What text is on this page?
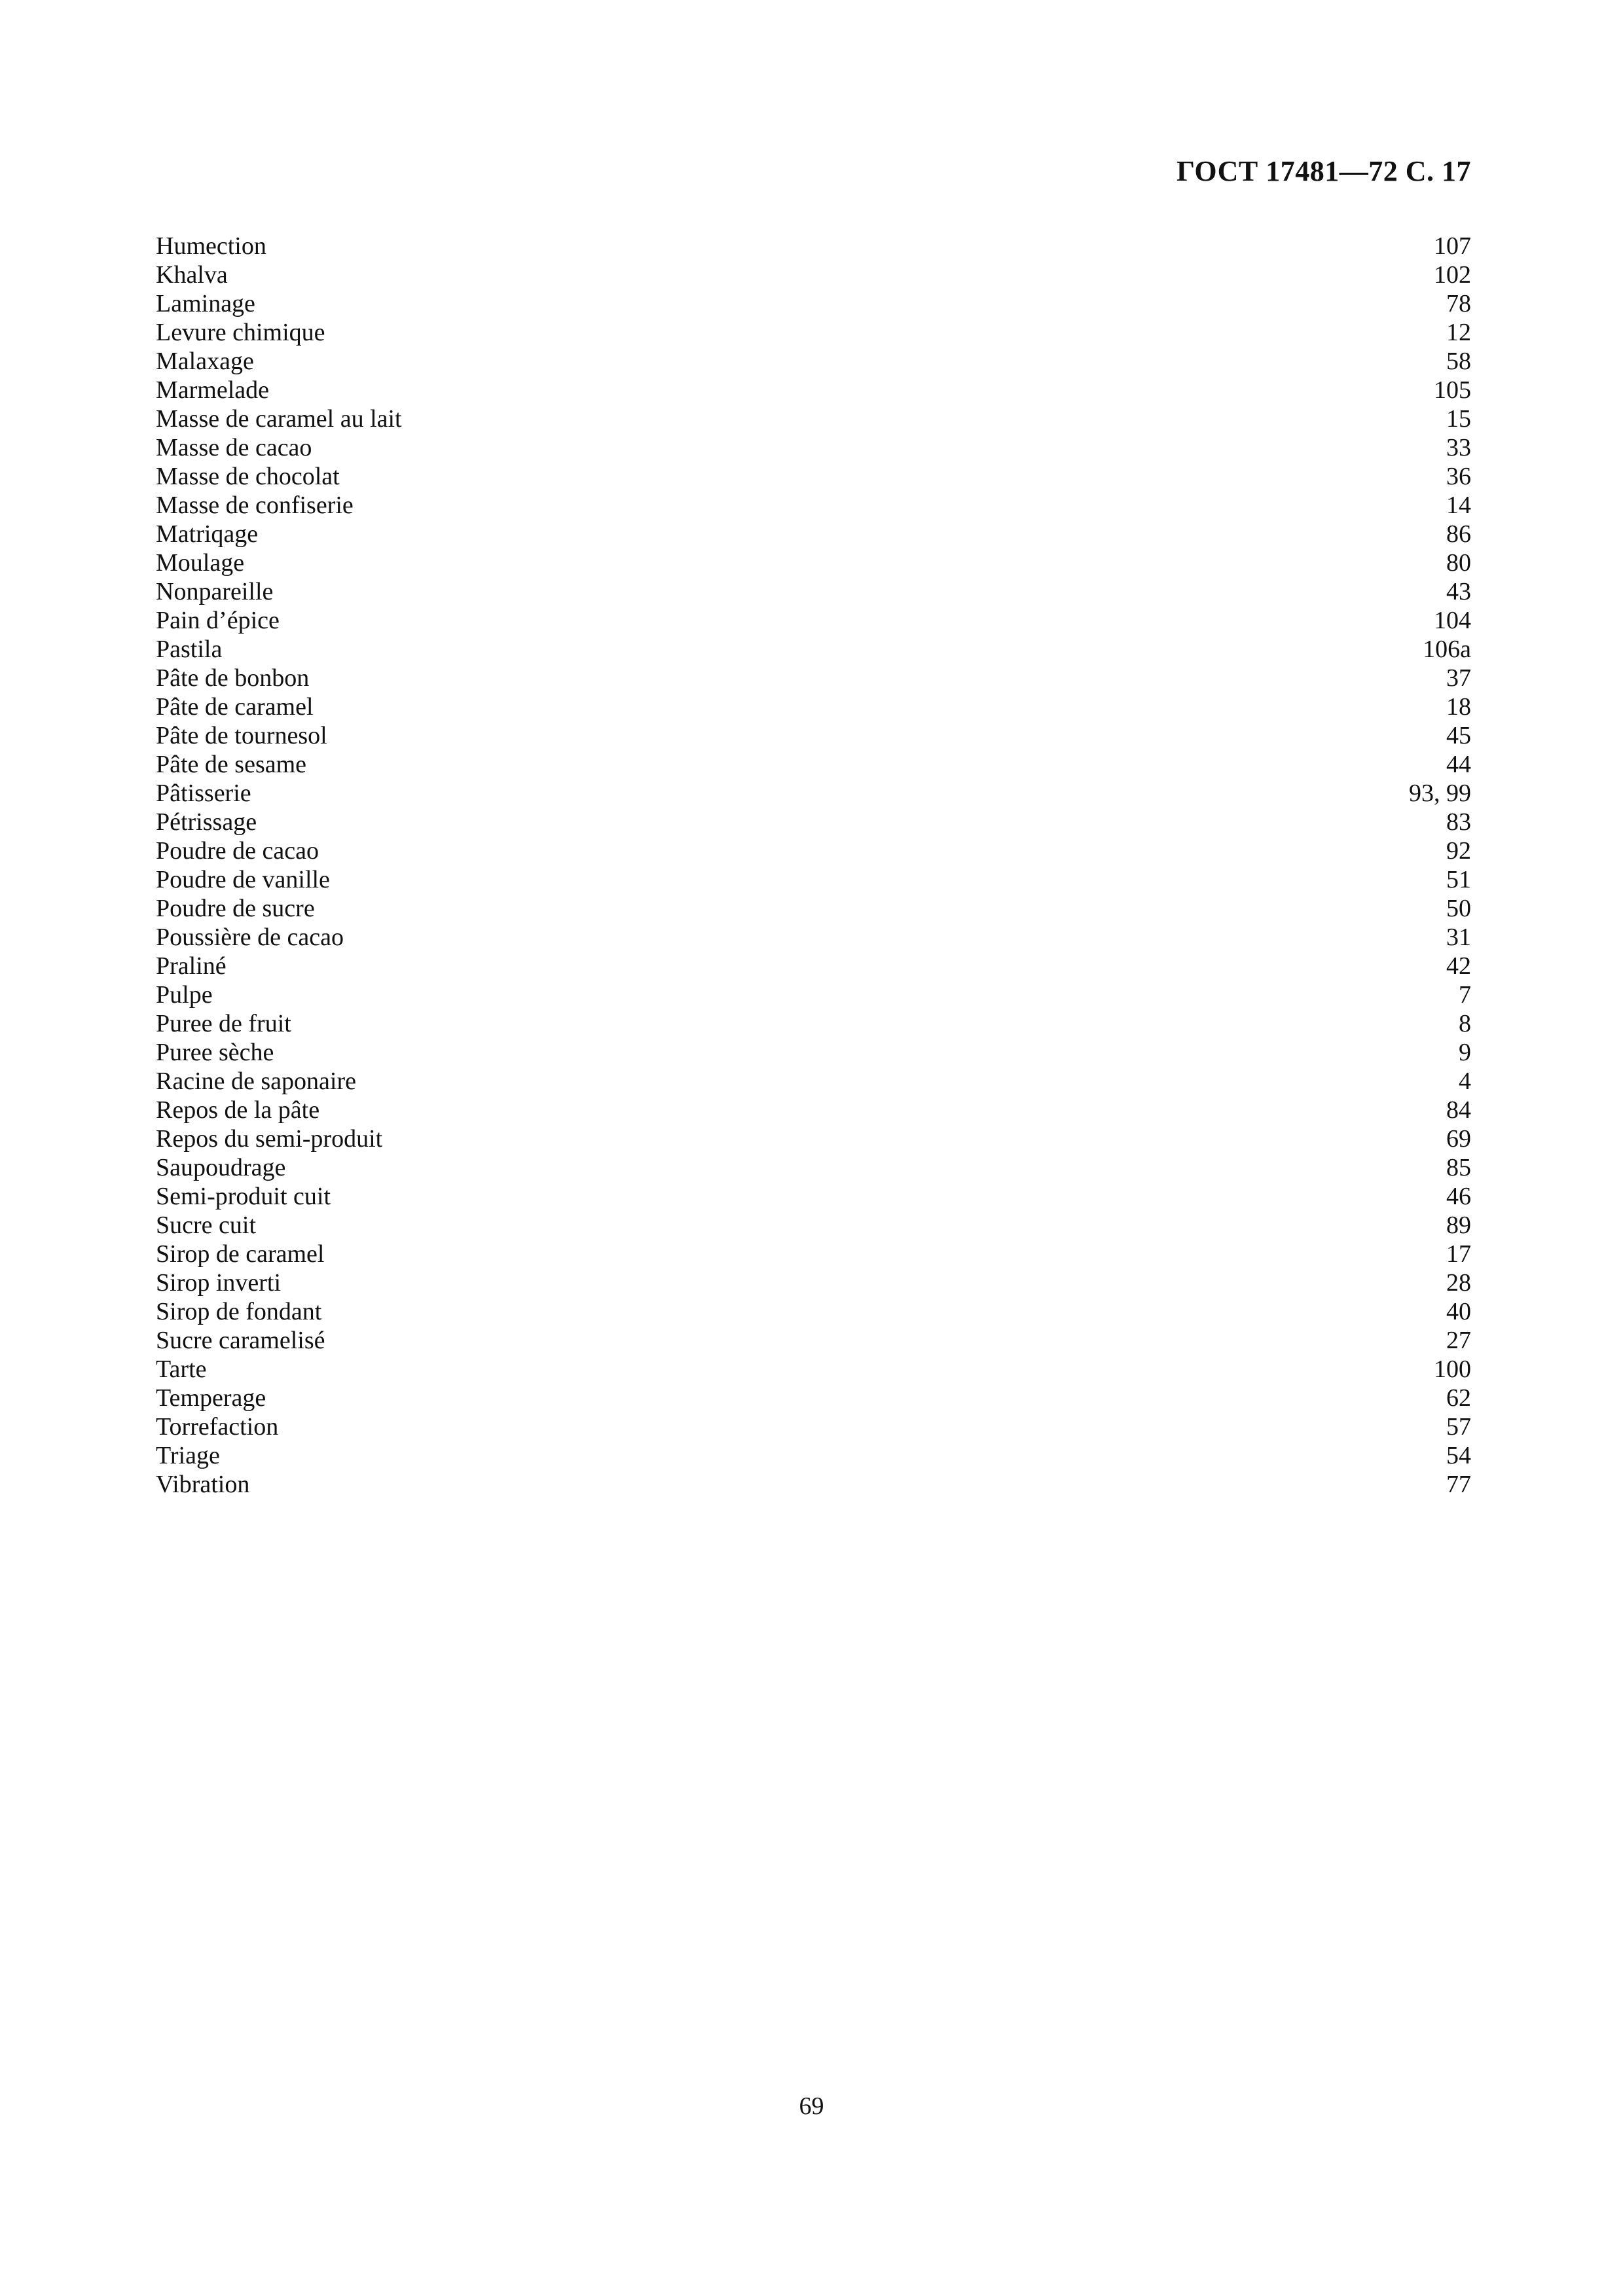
ГОСТ 17481—72 С. 17
Humection	107
Khalva	102
Laminage	78
Levure chimique	12
Malaxage	58
Marmelade	105
Masse de caramel au lait	15
Masse de cacao	33
Masse de chocolat	36
Masse de confiserie	14
Matriqage	86
Moulage	80
Nonpareille	43
Pain d’épice	104
Pastila	106a
Pâte de bonbon	37
Pâte de caramel	18
Pâte de tournesol	45
Pâte de sesame	44
Pâtisserie	93, 99
Pétrissage	83
Poudre de cacao	92
Poudre de vanille	51
Poudre de sucre	50
Poussière de cacao	31
Praliné	42
Pulpe	7
Puree de fruit	8
Puree sèche	9
Racine de saponaire	4
Repos de la pâte	84
Repos du semi-produit	69
Saupoudrage	85
Semi-produit cuit	46
Sucre cuit	89
Sirop de caramel	17
Sirop inverti	28
Sirop de fondant	40
Sucre caramelisé	27
Tarte	100
Temperage	62
Torrefaction	57
Triage	54
Vibration	77
69
